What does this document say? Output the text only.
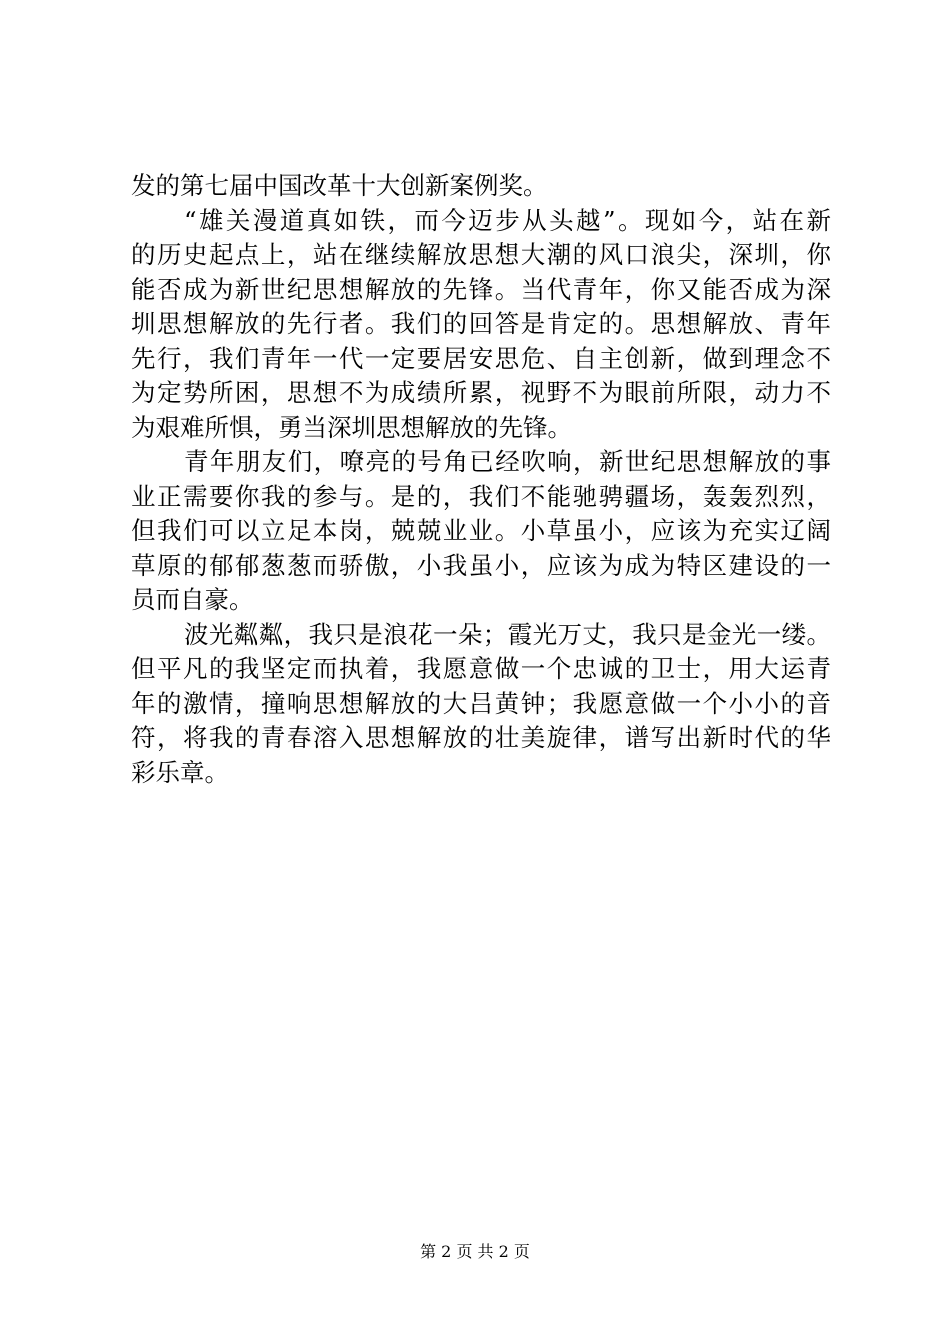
发的第七届中国改革十大创新案例奖。
“雄关漫道真如铁，而今迈步从头越”。现如今，站在新
的历史起点上，站在继续解放思想大潮的风口浪尖，深圳，你
能否成为新世纪思想解放的先锋。当代青年，你又能否成为深
圳思想解放的先行者。我们的回答是肯定的。思想解放、青年
先行，我们青年一代一定要居安思危、自主创新，做到理念不
为定势所困，思想不为成绩所累，视野不为眼前所限，动力不
为艰难所惧，勇当深圳思想解放的先锋。
青年朋友们，嘹亮的号角已经吹响，新世纪思想解放的事
业正需要你我的参与。是的，我们不能驰骋疆场，轰轰烈烈，
但我们可以立足本岗，兢兢业业。小草虽小，应该为充实辽阔
草原的郁郁葱葱而骄傲，小我虽小，应该为成为特区建设的一
员而自豪。
波光粼粼，我只是浪花一朵；霞光万丈，我只是金光一缕。
但平凡的我坚定而执着，我愿意做一个忠诚的卫士，用大运青
年的激情，撞响思想解放的大吕黄钟；我愿意做一个小小的音
符，将我的青春溶入思想解放的壮美旋律，谱写出新时代的华
彩乐章。
第 2 页 共 2 页
